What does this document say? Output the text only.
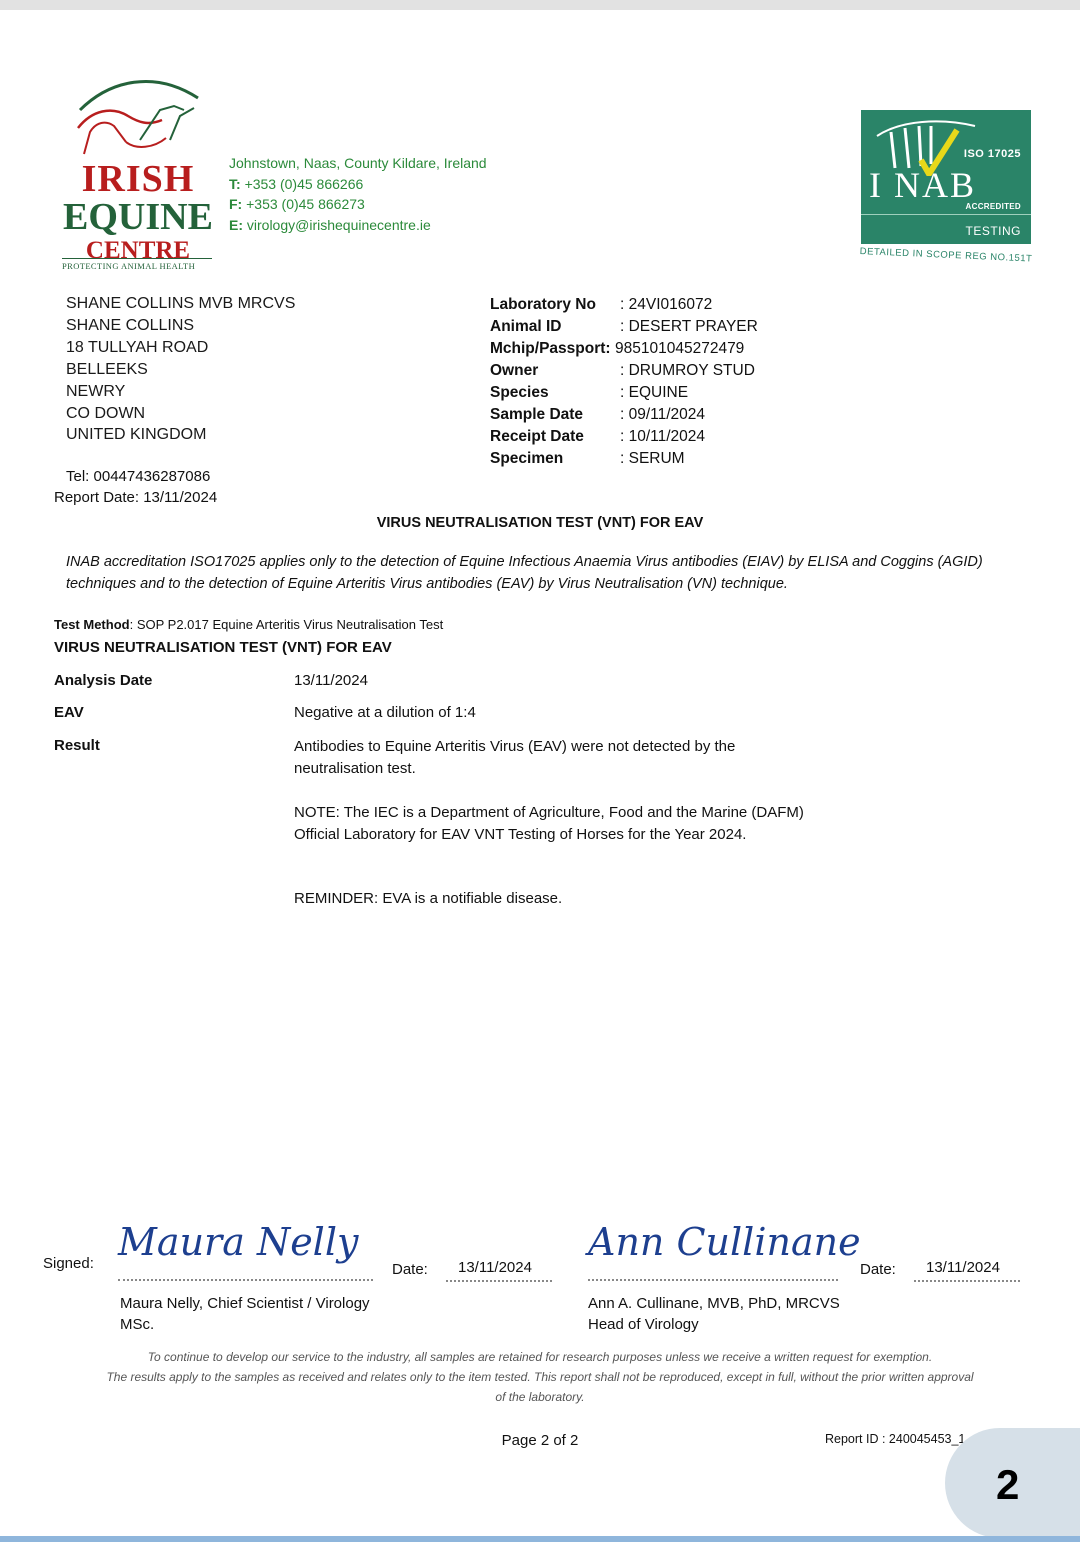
IRISH
EQUINE
CENTRE
PROTECTING ANIMAL HEALTH
Johnstown, Naas, County Kildare, Ireland
T: +353 (0)45 866266
F: +353 (0)45 866273
E: virology@irishequinecentre.ie
ISO 17025
I NAB
ACCREDITED
TESTING
DETAILED IN SCOPE REG NO.151T
SHANE COLLINS MVB MRCVS
SHANE COLLINS
18 TULLYAH ROAD
BELLEEKS
NEWRY
CO DOWN
UNITED KINGDOM
Tel: 00447436287086
Report Date: 13/11/2024
Laboratory No	: 24VI016072
Animal ID	: DESERT PRAYER
Mchip/Passport: 985101045272479
Owner	: DRUMROY STUD
Species	: EQUINE
Sample Date	: 09/11/2024
Receipt Date	: 10/11/2024
Specimen	: SERUM
VIRUS NEUTRALISATION TEST (VNT) FOR EAV
INAB accreditation ISO17025 applies only to the detection of Equine Infectious Anaemia Virus antibodies (EIAV) by ELISA and Coggins (AGID) techniques and to the detection of Equine Arteritis Virus antibodies (EAV) by Virus Neutralisation (VN) technique.
Test Method: SOP P2.017 Equine Arteritis Virus Neutralisation Test
VIRUS NEUTRALISATION TEST (VNT) FOR EAV
Analysis Date	13/11/2024
EAV	Negative at a dilution of 1:4
Result	Antibodies to Equine Arteritis Virus (EAV) were not detected by the neutralisation test.
NOTE: The IEC is a Department of Agriculture, Food and the Marine (DAFM) Official Laboratory for EAV VNT Testing of Horses for the Year 2024.
REMINDER: EVA is a notifiable disease.
Signed: Maura Nelly
Date: 13/11/2024
Maura Nelly, Chief Scientist / Virology
MSc.
Ann Cullinane
Date: 13/11/2024
Ann A. Cullinane, MVB, PhD, MRCVS
Head of Virology
To continue to develop our service to the industry, all samples are retained for research purposes unless we receive a written request for exemption.
The results apply to the samples as received and relates only to the item tested. This report shall not be reproduced, except in full, without the prior written approval of the laboratory.
Page 2 of 2	Report ID : 240045453_1
2
